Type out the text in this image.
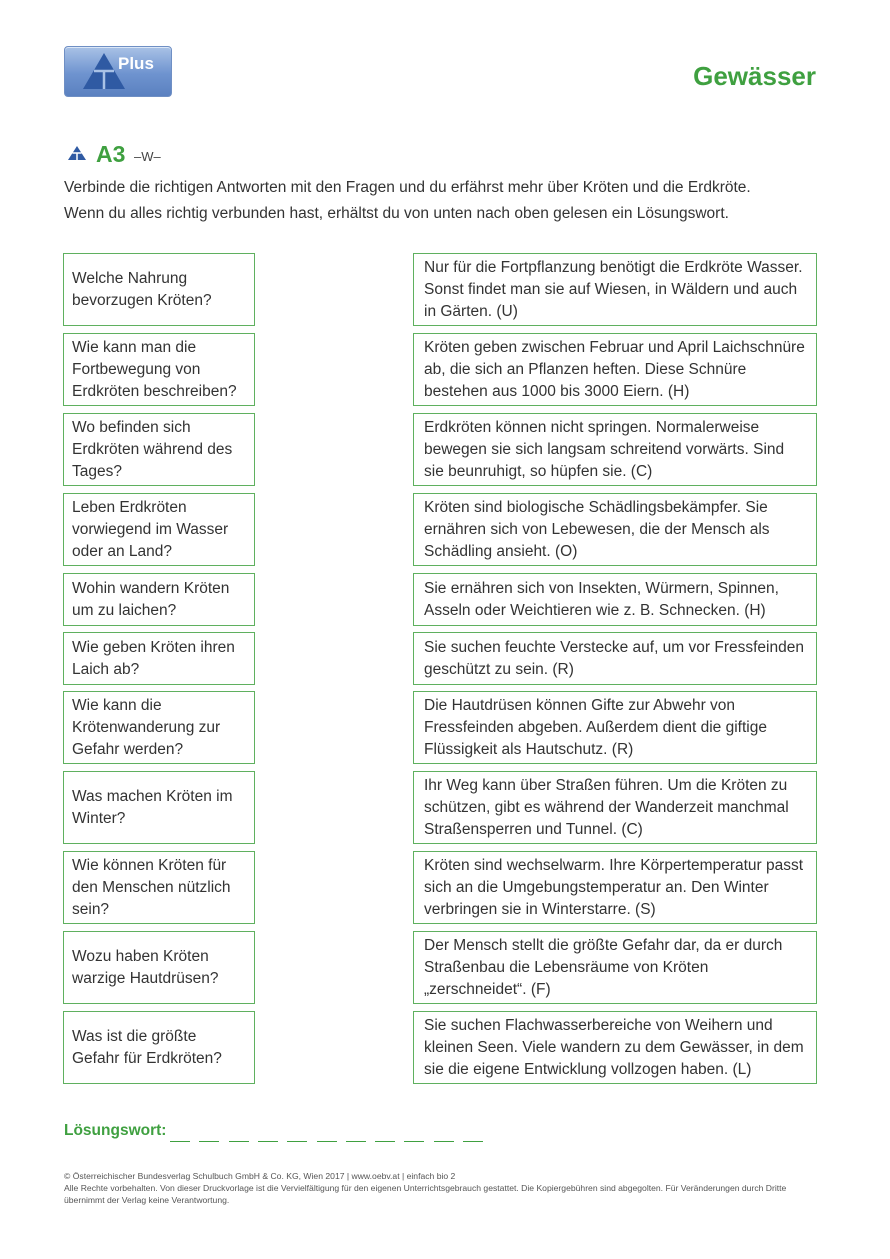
Plus	Gewässer
A3 –W–

Verbinde die richtigen Antworten mit den Fragen und du erfährst mehr über Kröten und die Erdkröte.

Wenn du alles richtig verbunden hast, erhältst du von unten nach oben gelesen ein Lösungswort.

Welche Nahrung bevorzugen Kröten?
Wie kann man die Fortbewegung von Erdkröten beschreiben?
Wo befinden sich Erdkröten während des Tages?
Leben Erdkröten vorwiegend im Wasser oder an Land?
Wohin wandern Kröten um zu laichen?
Wie geben Kröten ihren Laich ab?
Wie kann die Krötenwanderung zur Gefahr werden?
Was machen Kröten im Winter?
Wie können Kröten für den Menschen nützlich sein?
Wozu haben Kröten warzige Hautdrüsen?
Was ist die größte Gefahr für Erdkröten?
Nur für die Fortpflanzung benötigt die Erdkröte Wasser. Sonst findet man sie auf Wiesen, in Wäldern und auch in Gärten. (U)
Kröten geben zwischen Februar und April Laichschnüre ab, die sich an Pflanzen heften. Diese Schnüre bestehen aus 1000 bis 3000 Eiern. (H)
Erdkröten können nicht springen. Normalerweise bewegen sie sich langsam schreitend vorwärts. Sind sie beunruhigt, so hüpfen sie. (C)
Kröten sind biologische Schädlingsbekämpfer. Sie ernähren sich von Lebewesen, die der Mensch als Schädling ansieht. (O)
Sie ernähren sich von Insekten, Würmern, Spinnen, Asseln oder Weichtieren wie z. B. Schnecken. (H)
Sie suchen feuchte Verstecke auf, um vor Fressfeinden geschützt zu sein. (R)
Die Hautdrüsen können Gifte zur Abwehr von Fressfeinden abgeben. Außerdem dient die giftige Flüssigkeit als Hautschutz. (R)
Ihr Weg kann über Straßen führen. Um die Kröten zu schützen, gibt es während der Wanderzeit manchmal Straßensperren und Tunnel. (C)
Kröten sind wechselwarm. Ihre Körpertemperatur passt sich an die Umgebungstemperatur an. Den Winter verbringen sie in Winterstarre. (S)
Der Mensch stellt die größte Gefahr dar, da er durch Straßenbau die Lebensräume von Kröten „zerschneidet“. (F)
Sie suchen Flachwasserbereiche von Weihern und kleinen Seen. Viele wandern zu dem Gewässer, in dem sie die eigene Entwicklung vollzogen haben. (L)
Lösungswort:

© Österreichischer Bundesverlag Schulbuch GmbH & Co. KG, Wien 2017 | www.oebv.at | einfach bio 2

Alle Rechte vorbehalten. Von dieser Druckvorlage ist die Vervielfältigung für den eigenen Unterrichtsgebrauch gestattet. Die Kopiergebühren sind abgegolten. Für Veränderungen durch Dritte übernimmt der Verlag keine Verantwortung.
